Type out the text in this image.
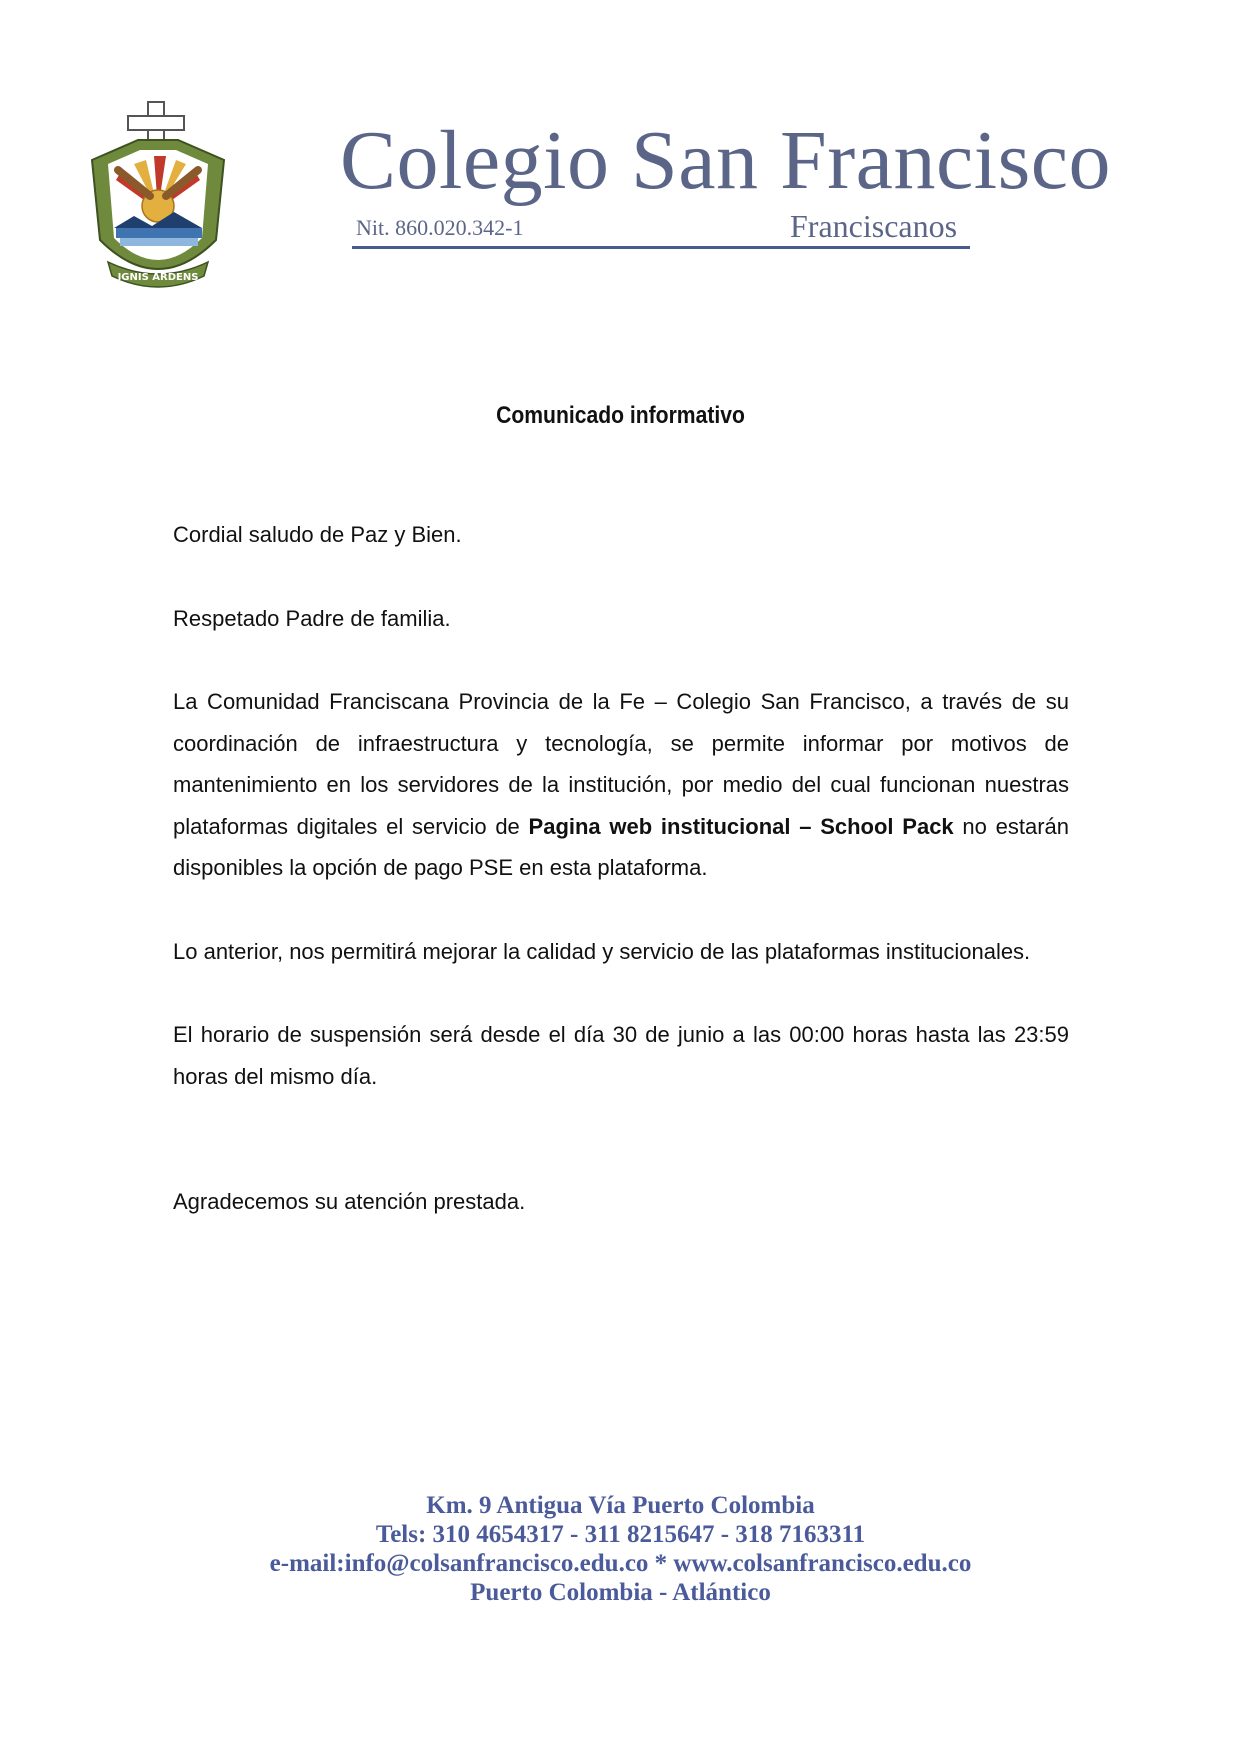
IGNIS ARDENS
Colegio San Francisco
Nit. 860.020.342-1	Franciscanos
Comunicado informativo

Cordial saludo de Paz y Bien.

Respetado Padre de familia.

La Comunidad Franciscana Provincia de la Fe – Colegio San Francisco, a través de su coordinación de infraestructura y tecnología, se permite informar por motivos de mantenimiento en los servidores de la institución, por medio del cual funcionan nuestras plataformas digitales el servicio de Pagina web institucional – School Pack no estarán disponibles la opción de pago PSE en esta plataforma.

Lo anterior, nos permitirá mejorar la calidad y servicio de las plataformas institucionales.

El horario de suspensión será desde el día 30 de junio a las 00:00 horas hasta las 23:59 horas del mismo día.

Agradecemos su atención prestada.

Km. 9 Antigua Vía Puerto Colombia
Tels: 310 4654317 - 311 8215647 - 318 7163311
e-mail:info@colsanfrancisco.edu.co * www.colsanfrancisco.edu.co
Puerto Colombia - Atlántico
